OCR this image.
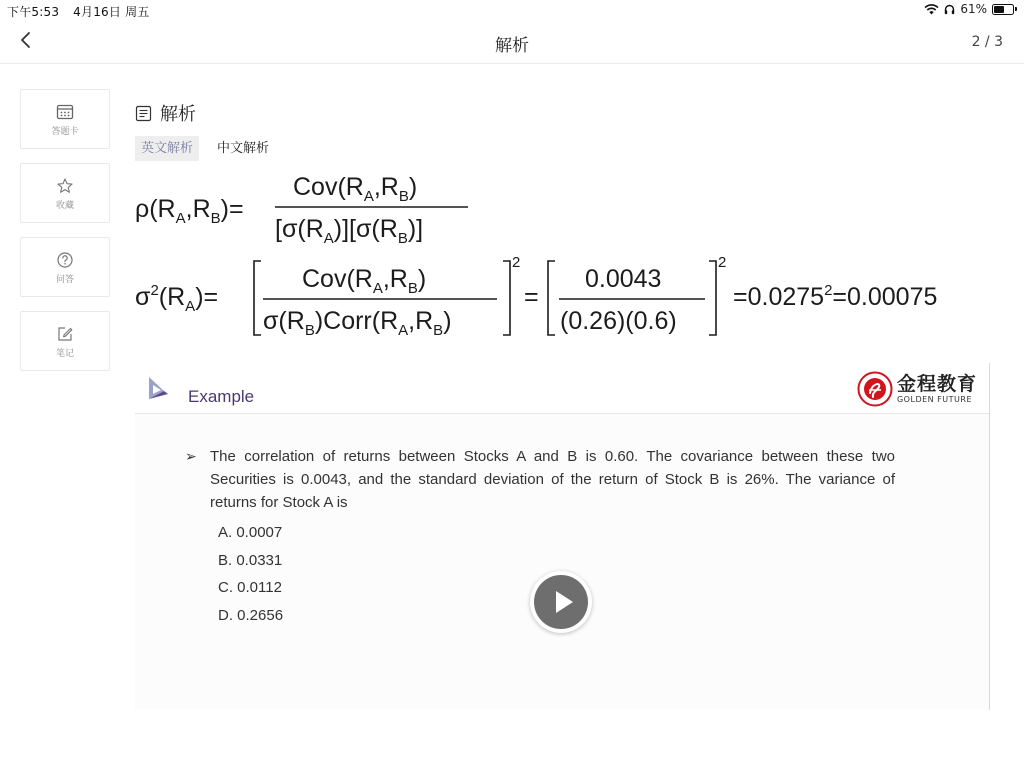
下午5:53 4月16日 周五	61%
解析	2 / 3
答题卡
收藏
问答
笔记
解析
英文解析	中文解析
$\rho(R_A,R_B)=$
$Cov(R_A,R_B)$
$[\sigma(R_A)][\sigma(R_B)]$
$\sigma^2(R_A)=$
$Cov(R_A,R_B)$
$\sigma(R_B)Corr(R_A,R_B)$
2
=
0.0043
(0.26)(0.6)
2
$=0.0275^2=0.00075$
Example
金程教育
GOLDEN FUTURE
➢ The correlation of returns between Stocks A and B is 0.60. The covariance between these two Securities is 0.0043, and the standard deviation of the return of Stock B is 26%. The variance of returns for Stock A is
A. 0.0007
B. 0.0331
C. 0.0112
D. 0.2656
